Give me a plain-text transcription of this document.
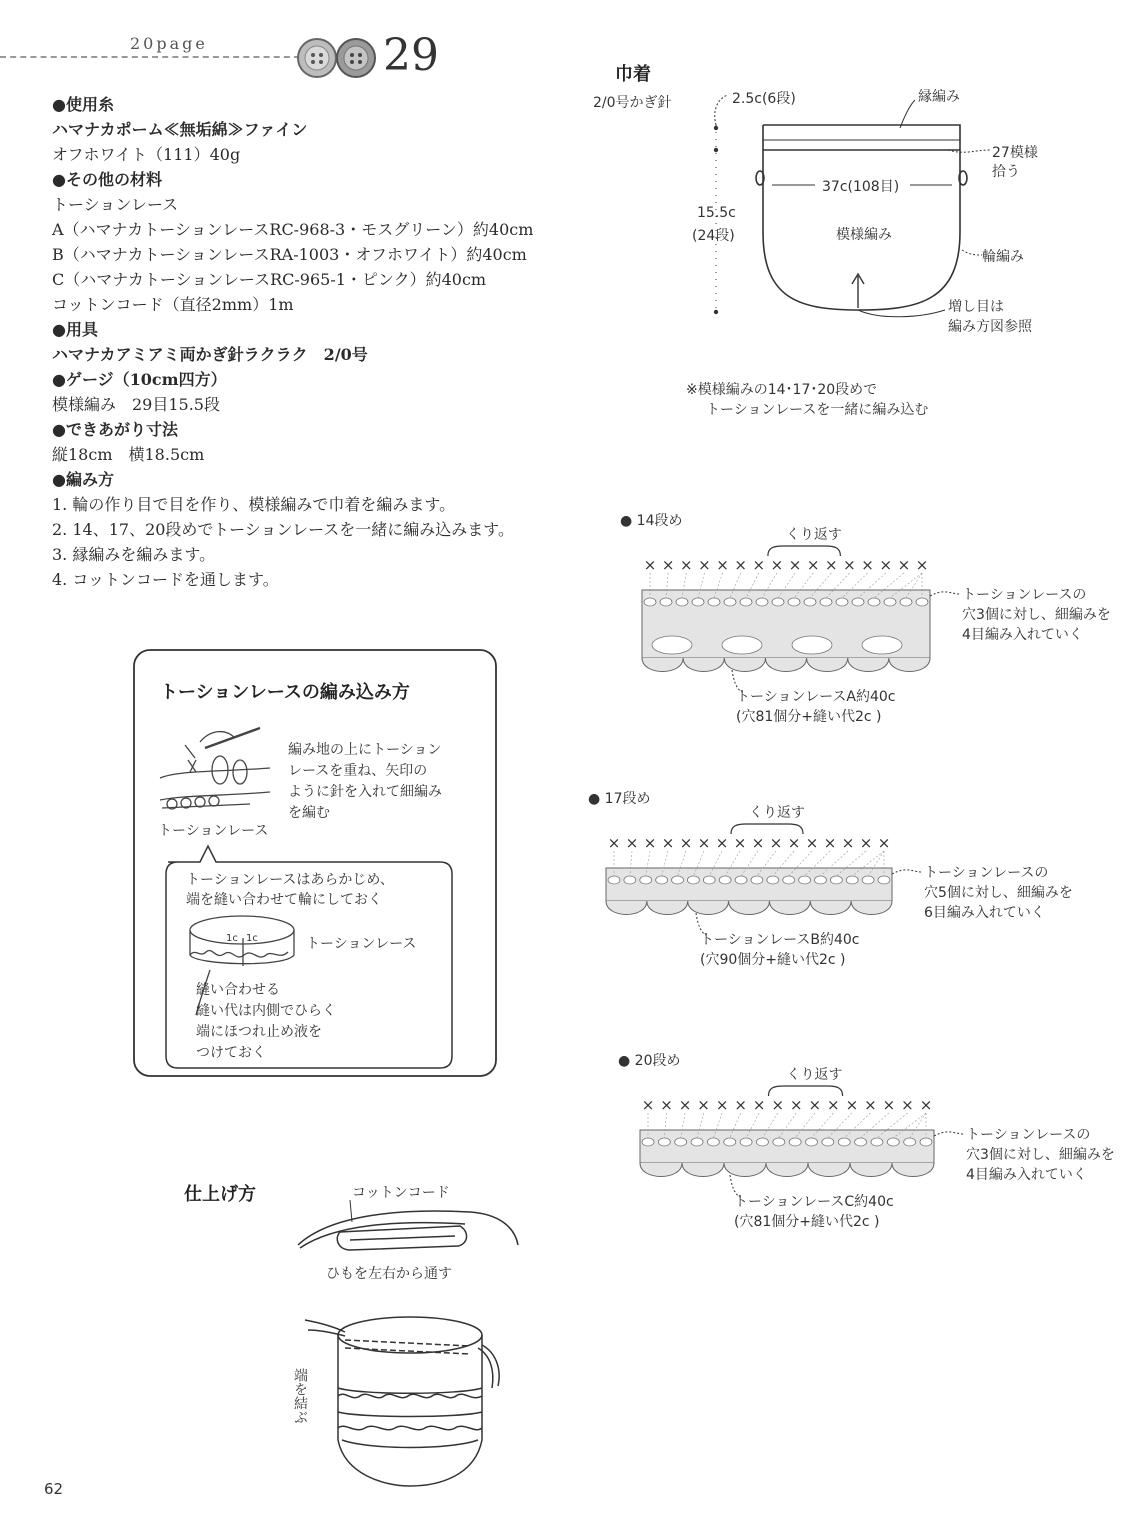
20page	29
●使用糸
ハマナカポーム≪無垢綿≫ファイン
オフホワイト（111）40g
●その他の材料
トーションレース
A（ハマナカトーションレースRC-968-3・モスグリーン）約40cm
B（ハマナカトーションレースRA-1003・オフホワイト）約40cm
C（ハマナカトーションレースRC-965-1・ピンク）約40cm
コットンコード（直径2mm）1m
●用具
ハマナカアミアミ両かぎ針ラクラク　2/0号
●ゲージ（10cm四方）
模様編み　29目15.5段
●できあがり寸法
縦18cm　横18.5cm
●編み方
1. 輪の作り目で目を作り、模様編みで巾着を編みます。
2. 14、17、20段めでトーションレースを一緒に編み込みます。
3. 縁編みを編みます。
4. コットンコードを通します。
巾着
2/0号かぎ針	2.5c(6段)	縁編み
27模様
拾う
37c(108目)
15.5c
(24段)	模様編み
輪編み
増し目は
編み方図参照
※模様編みの14･17･20段めで
トーションレースを一緒に編み込む
× × × × × × × × × × × × × × × ×
× × × × × × × × × × × × × × × ×
× × × × × × × × × × × × × × × ×
● 14段め
くり返す
トーションレースの
穴3個に対し、細編みを
4目編み入れていく
トーションレースA約40c
(穴81個分+縫い代2c )
● 17段め
くり返す
トーションレースの
穴5個に対し、細編みを
6目編み入れていく
トーションレースB約40c
(穴90個分+縫い代2c )
● 20段め
くり返す
トーションレースの
穴3個に対し、細編みを
4目編み入れていく
トーションレースC約40c
(穴81個分+縫い代2c )
トーションレースの編み込み方
編み地の上にトーション
レースを重ね、矢印の
ように針を入れて細編み
を編む
トーションレース
トーションレースはあらかじめ、
端を縫い合わせて輪にしておく
1c 1c	トーションレース
縫い合わせる
縫い代は内側でひらく
端にほつれ止め液を
つけておく
仕上げ方	コットンコード
ひもを左右から通す
端を結ぶ
62
